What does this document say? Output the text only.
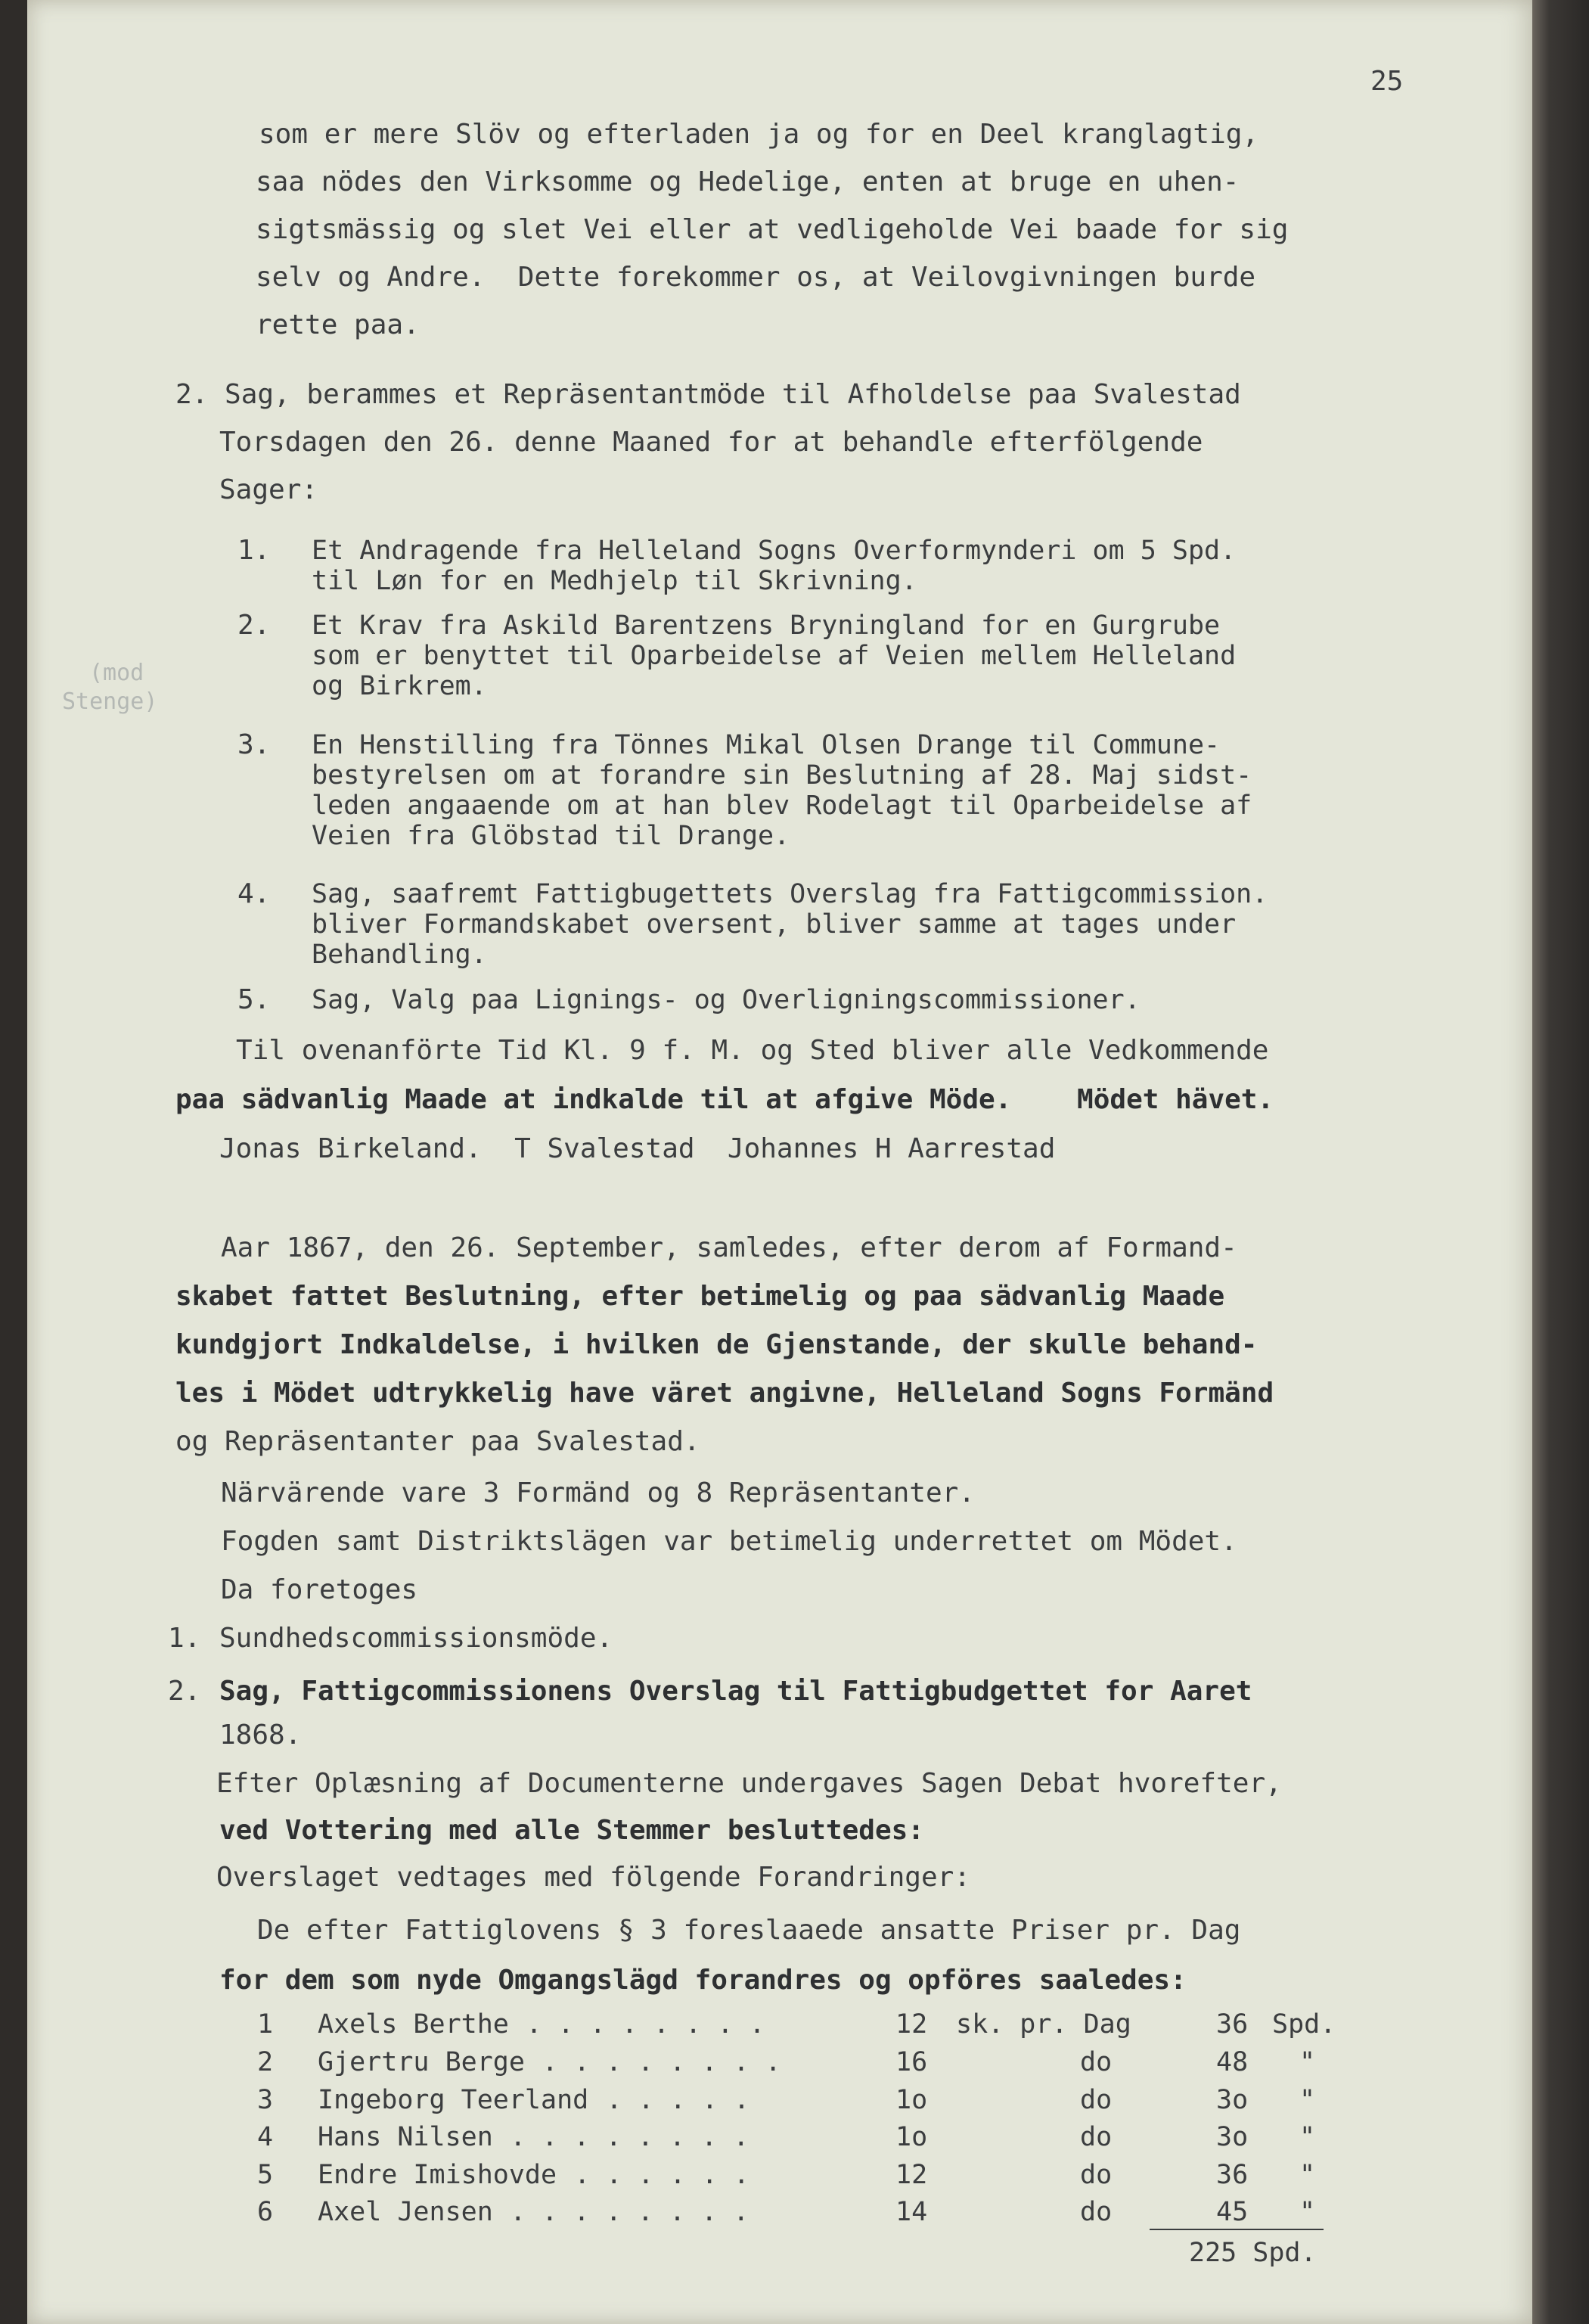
25
(mod
Stenge)
som er mere Slöv og efterladen ja og for en Deel kranglagtig,
saa nödes den Virksomme og Hedelige, enten at bruge en uhen-
sigtsmässig og slet Vei eller at vedligeholde Vei baade for sig
selv og Andre.  Dette forekommer os, at Veilovgivningen burde
rette paa.
2. Sag, berammes et Repräsentantmöde til Afholdelse paa Svalestad
Torsdagen den 26. denne Maaned for at behandle efterfölgende
Sager:
1. Et Andragende fra Helleland Sogns Overformynderi om 5 Spd.
til Løn for en Medhjelp til Skrivning.
2. Et Krav fra Askild Barentzens Bryningland for en Gurgrube
som er benyttet til Oparbeidelse af Veien mellem Helleland
og Birkrem.
3. En Henstilling fra Tönnes Mikal Olsen Drange til Commune-
bestyrelsen om at forandre sin Beslutning af 28. Maj sidst-
leden angaaende om at han blev Rodelagt til Oparbeidelse af
Veien fra Glöbstad til Drange.
4. Sag, saafremt Fattigbugettets Overslag fra Fattigcommission.
bliver Formandskabet oversent, bliver samme at tages under
Behandling.
5. Sag, Valg paa Lignings- og Overligningscommissioner.
Til ovenanförte Tid Kl. 9 f. M. og Sted bliver alle Vedkommende
paa sädvanlig Maade at indkalde til at afgive Möde.    Mödet hävet.
Jonas Birkeland.  T Svalestad  Johannes H Aarrestad
Aar 1867, den 26. September, samledes, efter derom af Formand-
skabet fattet Beslutning, efter betimelig og paa sädvanlig Maade
kundgjort Indkaldelse, i hvilken de Gjenstande, der skulle behand-
les i Mödet udtrykkelig have väret angivne, Helleland Sogns Formänd
og Repräsentanter paa Svalestad.
Närvärende vare 3 Formänd og 8 Repräsentanter.
Fogden samt Distriktslägen var betimelig underrettet om Mödet.
Da foretoges
1. Sundhedscommissionsmöde.
2. Sag, Fattigcommissionens Overslag til Fattigbudgettet for Aaret
1868.
Efter Oplæsning af Documenterne undergaves Sagen Debat hvorefter,
ved Vottering med alle Stemmer besluttedes:
Overslaget vedtages med fölgende Forandringer:
De efter Fattiglovens § 3 foreslaaede ansatte Priser pr. Dag
for dem som nyde Omgangslägd forandres og opföres saaledes:
1 Axels Berthe . . . . . . . .	12 sk. pr. Dag	36 Spd.
2 Gjertru Berge . . . . . . . .	16	do	48 "
3 Ingeborg Teerland . . . . .	1o	do	3o "
4 Hans Nilsen . . . . . . . .	1o	do	3o "
5 Endre Imishovde . . . . . .	12	do	36 "
6 Axel Jensen . . . . . . . .	14	do	45 "
225 Spd.
